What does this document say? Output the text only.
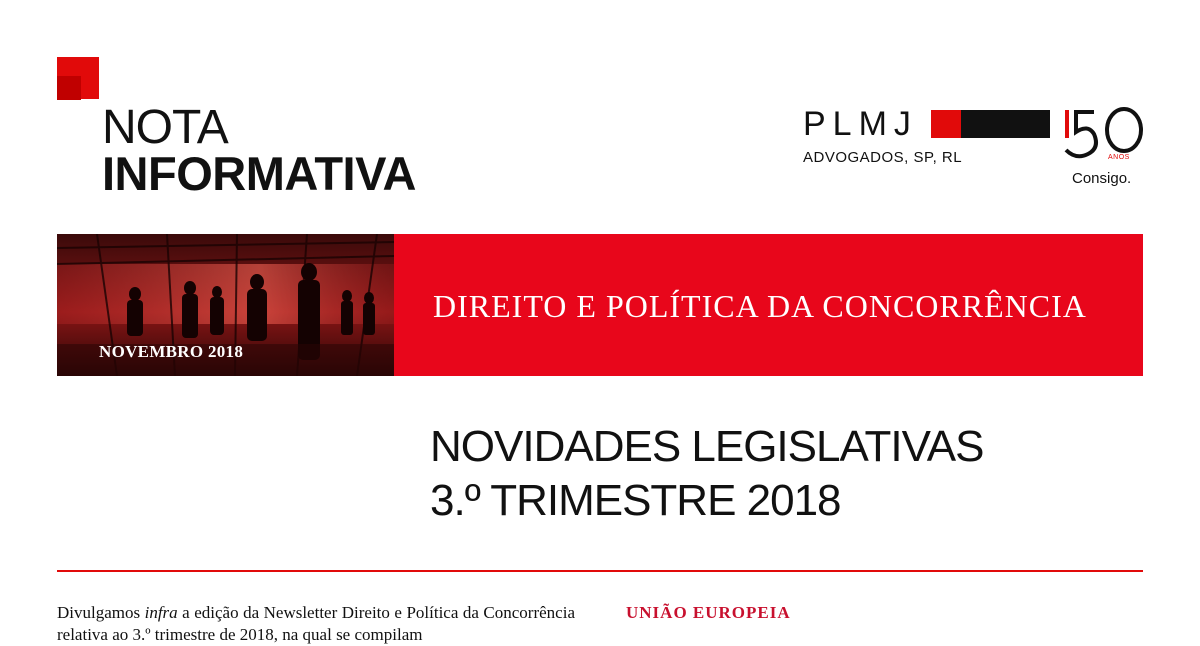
NOTA
INFORMATIVA
PLMJ
ADVOGADOS, SP, RL	ANOS
Consigo.
NOVEMBRO 2018
DIREITO E POLÍTICA DA CONCORRÊNCIA
NOVIDADES LEGISLATIVAS
3.º TRIMESTRE 2018
Divulgamos infra a edição da Newsletter Direito e Política da Concorrência relativa ao 3.º trimestre de 2018, na qual se compilam
UNIÃO EUROPEIA
